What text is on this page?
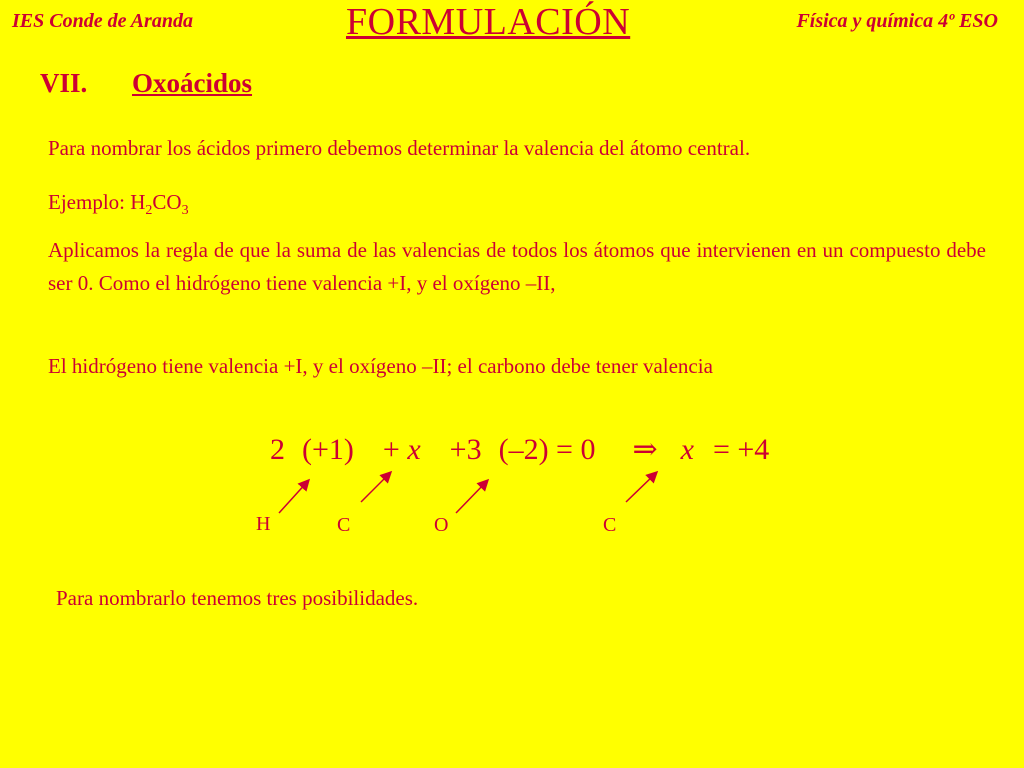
IES Conde de Aranda	FORMULACIÓN	Física y química 4º ESO
VII. Oxoácidos

Para nombrar los ácidos primero debemos determinar la valencia del átomo central.

Ejemplo: $H_2CO_3$

Aplicamos la regla de que la suma de las valencias de todos los átomos que intervienen en un compuesto debe ser 0. Como el hidrógeno tiene valencia +I, y el oxígeno –II,

El hidrógeno tiene valencia +I, y el oxígeno –II; el carbono debe tener valencia

2 (+1) + x +3 (–2) = 0 ⇒ x = +4
H	C	O	C

Para nombrarlo tenemos tres posibilidades.
